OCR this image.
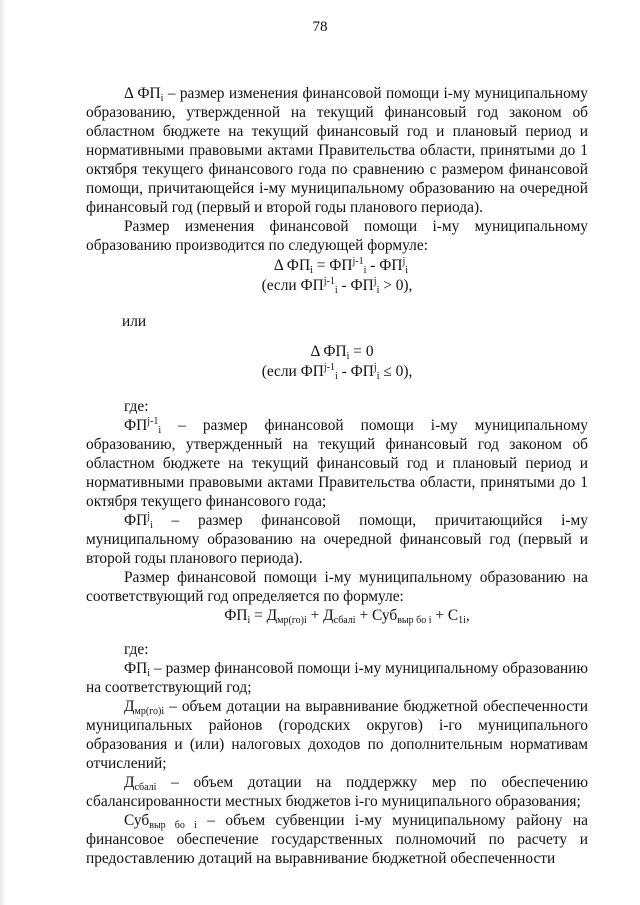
78

Δ $ФП_i$ – размер изменения финансовой помощи i-му муниципальному образованию, утвержденной на текущий финансовый год законом об областном бюджете на текущий финансовый год и плановый период и нормативными правовыми актами Правительства области, принятыми до 1 октября текущего финансового года по сравнению с размером финансовой помощи, причитающейся i-му муниципальному образованию на очередной финансовый год (первый и второй годы планового периода).

Размер изменения финансовой помощи i-му муниципальному образованию производится по следующей формуле:

Δ $ФП_i = ФП^{j-1}_i - ФП^j_i$

(если $ФП^{j-1}_i - ФП^j_i > 0$),

или

Δ $ФП_i = 0$

(если $ФП^{j-1}_i - ФП^j_i \le 0$),

где:

$ФП^{j-1}_i$ – размер финансовой помощи i-му муниципальному образованию, утвержденный на текущий финансовый год законом об областном бюджете на текущий финансовый год и плановый период и нормативными правовыми актами Правительства области, принятыми до 1 октября текущего финансового года;

$ФП^j_i$ – размер финансовой помощи, причитающийся i-му муниципальному образованию на очередной финансовый год (первый и второй годы планового периода).

Размер финансовой помощи i-му муниципальному образованию на соответствующий год определяется по формуле:

$ФП_i = Д_{мр(го)i} + Д_{сбалi} + Суб_{выр бо i} + C_{1i}$,

где:

$ФП_i$ – размер финансовой помощи i-му муниципальному образованию на соответствующий год;

$Д_{мр(го)i}$ – объем дотации на выравнивание бюджетной обеспеченности муниципальных районов (городских округов) i-го муниципального образования и (или) налоговых доходов по дополнительным нормативам отчислений;

$Д_{сбалi}$ – объем дотации на поддержку мер по обеспечению сбалансированности местных бюджетов i-го муниципального образования;

Суб$_{выр бо i}$ – объем субвенции i-му муниципальному району на финансовое обеспечение государственных полномочий по расчету и предоставлению дотаций на выравнивание бюджетной обеспеченности
